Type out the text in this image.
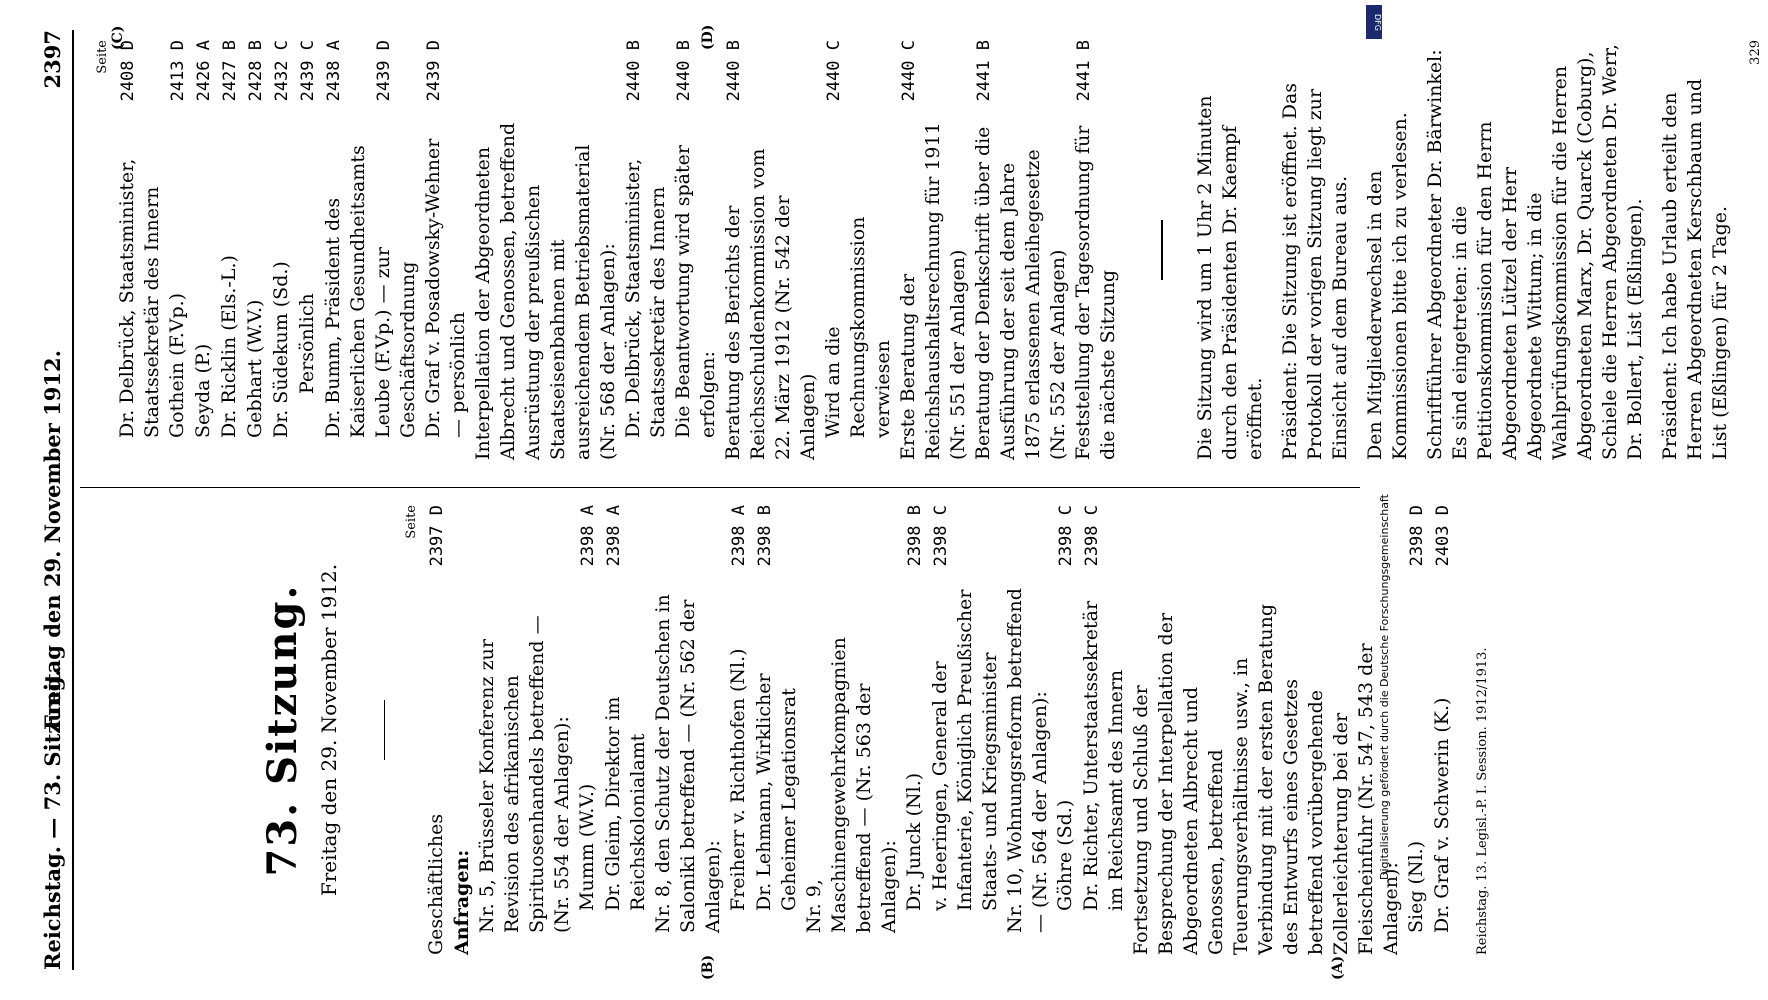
Reichstag. — 73. Sitzung.
Freitag den 29. November 1912.
2397
(A)
(B)
(C)	(D)
73. Sitzung. Freitag den 29. November 1912.
Seite
Geschäftliches
2397 D
Anfragen: Nr. 5, Brüsseler Konferenz zur Revision des afrikanischen Spirituosenhandels betreffend — (Nr. 554 der Anlagen): Mumm (W.V.)
2398 A
Dr. Gleim, Direktor im Reichskolonialamt
2398 A
Nr. 8, den Schutz der Deutschen in Saloniki betreffend — (Nr. 562 der Anlagen): Freiherr v. Richthofen (Nl.)
2398 A
Dr. Lehmann, Wirklicher Geheimer Legationsrat
2398 B
Nr. 9, Maschinengewehrkompagnien betreffend — (Nr. 563 der Anlagen): Dr. Junck (Nl.)
2398 B
v. Heeringen, General der Infanterie, Königlich Preußischer Staats- und Kriegsminister
2398 C
Nr. 10, Wohnungsreform betreffend — (Nr. 564 der Anlagen): Göhre (Sd.)
2398 C
Dr. Richter, Unterstaatssekretär im Reichsamt des Innern
2398 C
Fortsetzung und Schluß der Besprechung der Interpellation der Abgeordneten Albrecht und Genossen, betreffend Teuerungsverhältnisse usw., in Verbindung mit der ersten Beratung des Entwurfs eines Gesetzes betreffend vorübergehende Zollerleichterung bei der Fleischeinfuhr (Nr. 547, 543 der Anlagen): Sieg (Nl.)
2398 D
Dr. Graf v. Schwerin (K.)
2403 D
Reichstag. 13. Legisl.-P. I. Session. 1912/1913.
Seite
Dr. Delbrück, Staatsminister, Staatssekretär des Innern
2408 D
Gothein (F.Vp.)
2413 D
Seyda (P.)
2426 A
Dr. Ricklin (Els.-L.)
2427 B
Gebhart (W.V.)
2428 B
Dr. Südekum (Sd.)
2432 C
Persönlich
2439 C
Dr. Bumm, Präsident des Kaiserlichen Gesundheitsamts
2438 A
Leube (F.Vp.) — zur Geschäftsordnung
2439 D
Dr. Graf v. Posadowsky-Wehner — persönlich
2439 D
Interpellation der Abgeordneten Albrecht und Genossen, betreffend Ausrüstung der preußischen Staatseisenbahnen mit ausreichendem Betriebsmaterial (Nr. 568 der Anlagen): Dr. Delbrück, Staatsminister, Staatssekretär des Innern
2440 B
Die Beantwortung wird später erfolgen:
2440 B
Beratung des Berichts der Reichsschuldenkommission vom 22. März 1912 (Nr. 542 der Anlagen)
2440 B
Wird an die Rechnungskommission verwiesen
2440 C
Erste Beratung der Reichshaushaltsrechnung für 1911 (Nr. 551 der Anlagen)
2440 C
Beratung der Denkschrift über die Ausführung der seit dem Jahre 1875 erlassenen Anleihegesetze (Nr. 552 der Anlagen)
2441 B
Feststellung der Tagesordnung für die nächste Sitzung
2441 B

Die Sitzung wird um 1 Uhr 2 Minuten durch den Präsidenten Dr. Kaempf eröffnet. Präsident: Die Sitzung ist eröffnet. Das Protokoll der vorigen Sitzung liegt zur Einsicht auf dem Bureau aus. Den Mitgliederwechsel in den Kommissionen bitte ich zu verlesen. Schriftführer Abgeordneter Dr. Bärwinkel: Es sind eingetreten: in die Petitionskommission für den Herrn Abgeordneten Lützel der Herr Abgeordnete Wittum; in die Wahlprüfungskommission für die Herren Abgeordneten Marx, Dr. Quarck (Coburg), Schiele die Herren Abgeordneten Dr. Werr, Dr. Bollert, List (Eßlingen). Präsident: Ich habe Urlaub erteilt den Herren Abgeordneten Kerschbaum und List (Eßlingen) für 2 Tage.

329
DFG
Digitalisierung gefördert durch die Deutsche Forschungsgemeinschaft
